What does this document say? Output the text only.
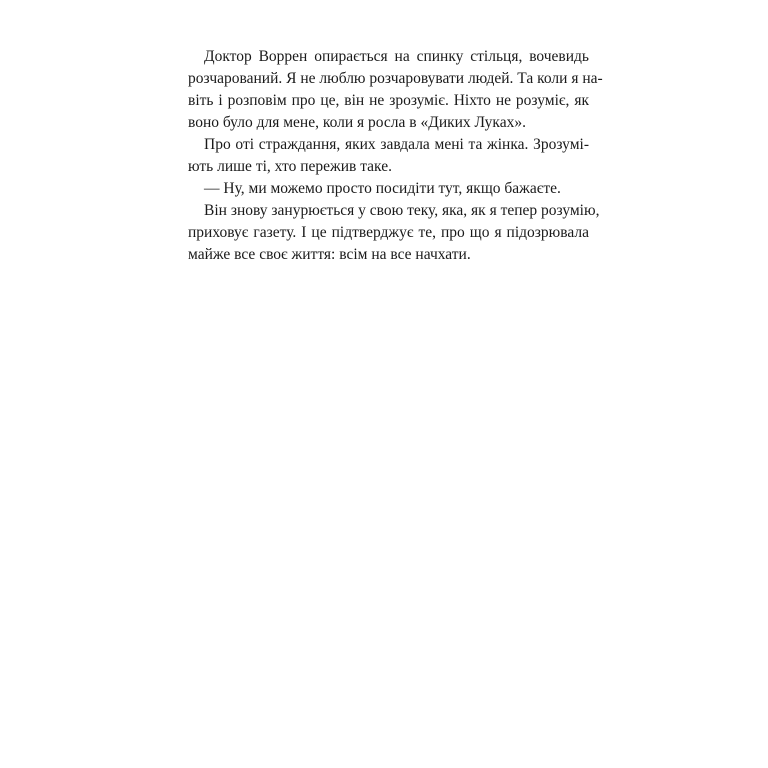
Доктор Воррен опирається на спинку стільця, вочевидь
розчарований. Я не люблю розчаровувати людей. Та коли я на-
віть і розповім про це, він не зрозуміє. Ніхто не розуміє, як
воно було для мене, коли я росла в «Диких Луках».
Про оті страждання, яких завдала мені та жінка. Зрозумі-
ють лише ті, хто пережив таке.
— Ну, ми можемо просто посидіти тут, якщо бажаєте.
Він знову занурюється у свою теку, яка, як я тепер розумію,
приховує газету. І це підтверджує те, про що я підозрювала
майже все своє життя: всім на все начхати.
